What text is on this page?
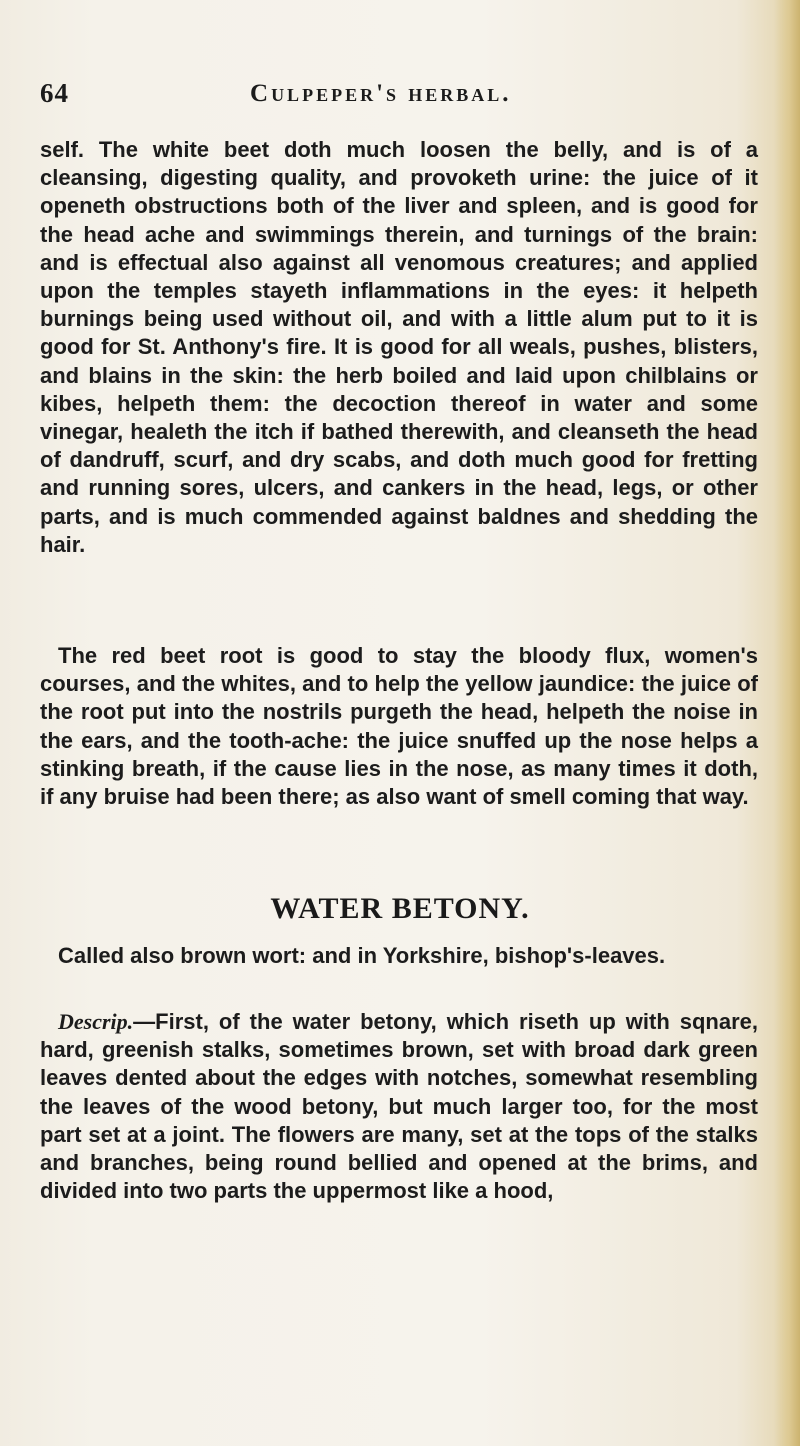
64	culpeper's herbal.
self. The white beet doth much loosen the belly, and is of a cleansing, digesting quality, and provoketh urine: the juice of it openeth obstructions both of the liver and spleen, and is good for the head ache and swimmings therein, and turnings of the brain: and is effectual also against all venomous creatures; and applied upon the temples stayeth inflammations in the eyes: it helpeth burnings being used without oil, and with a little alum put to it is good for St. Anthony's fire. It is good for all weals, pushes, blisters, and blains in the skin: the herb boiled and laid upon chilblains or kibes, helpeth them: the decoction thereof in water and some vinegar, healeth the itch if bathed therewith, and cleanseth the head of dandruff, scurf, and dry scabs, and doth much good for fretting and running sores, ulcers, and cankers in the head, legs, or other parts, and is much commended against baldnes and shedding the hair.
The red beet root is good to stay the bloody flux, women's courses, and the whites, and to help the yellow jaundice: the juice of the root put into the nostrils purgeth the head, helpeth the noise in the ears, and the tooth-ache: the juice snuffed up the nose helps a stinking breath, if the cause lies in the nose, as many times it doth, if any bruise had been there; as also want of smell coming that way.
WATER BETONY.
Called also brown wort: and in Yorkshire, bishop's-leaves.
Descrip.—First, of the water betony, which riseth up with sqnare, hard, greenish stalks, sometimes brown, set with broad dark green leaves dented about the edges with notches, somewhat resembling the leaves of the wood betony, but much larger too, for the most part set at a joint. The flowers are many, set at the tops of the stalks and branches, being round bellied and opened at the brims, and divided into two parts the uppermost like a hood,
